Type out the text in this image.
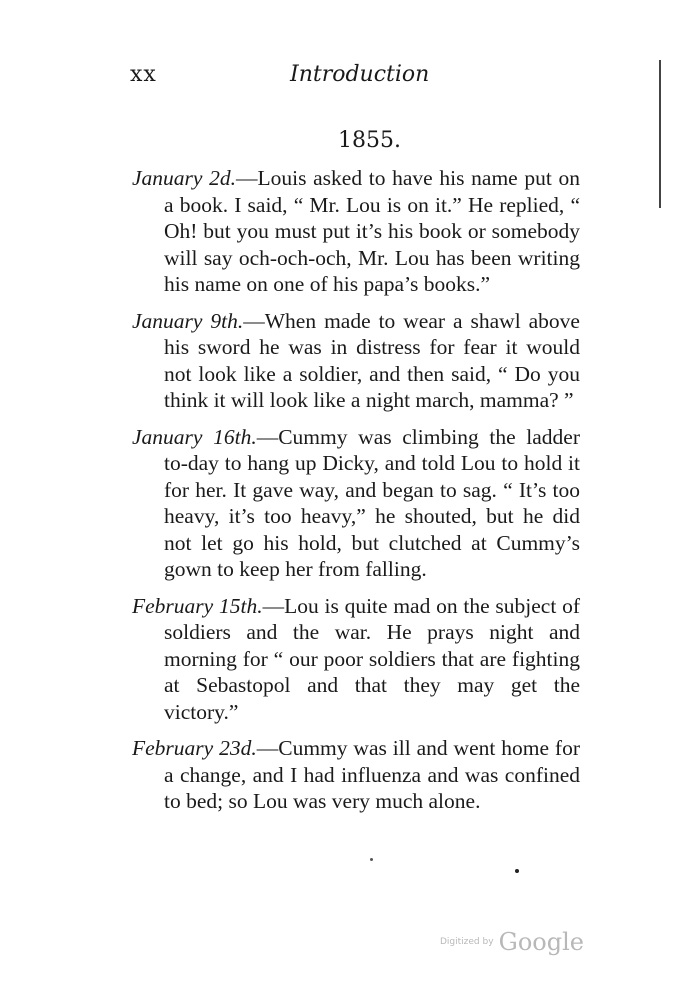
xx	Introduction
1855.

January 2d.—Louis asked to have his name put on a book. I said, “ Mr. Lou is on it.” He replied, “ Oh! but you must put it’s his book or somebody will say och-och-och, Mr. Lou has been writing his name on one of his papa’s books.”

January 9th.—When made to wear a shawl above his sword he was in distress for fear it would not look like a soldier, and then said, “ Do you think it will look like a night march, mamma? ”

January 16th.—Cummy was climbing the ladder to-day to hang up Dicky, and told Lou to hold it for her. It gave way, and began to sag. “ It’s too heavy, it’s too heavy,” he shouted, but he did not let go his hold, but clutched at Cummy’s gown to keep her from falling.

February 15th.—Lou is quite mad on the subject of soldiers and the war. He prays night and morning for “ our poor soldiers that are fighting at Sebastopol and that they may get the victory.”

February 23d.—Cummy was ill and went home for a change, and I had influenza and was confined to bed; so Lou was very much alone.

Digitized by Google
